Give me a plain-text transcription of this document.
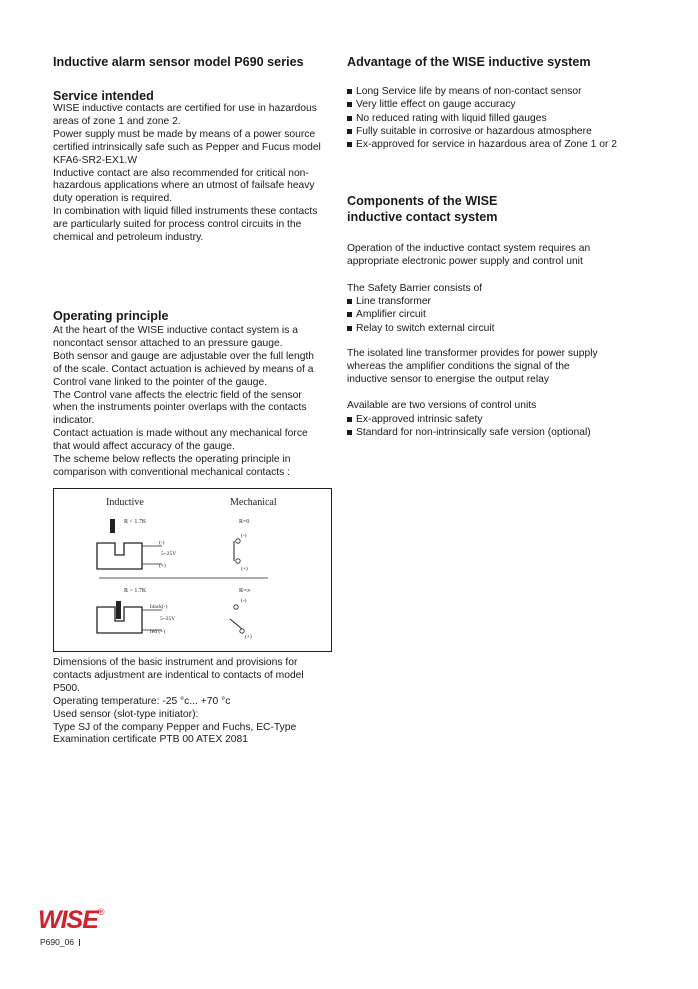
Inductive alarm sensor model P690 series
Service intended
WISE inductive contacts are certified for use in hazardous
areas of zone 1 and zone 2.
Power supply must be made by means of a power source
certified intrinsically safe such as Pepper and Fucus model
KFA6-SR2-EX1.W
Inductive contact are also recommended for critical non-
hazardous applications where an utmost of failsafe heavy
duty operation is required.
In combination with liquid filled instruments these contacts
are particularly suited for process control circuits in the
chemical and petroleum industry.
Operating principle
At the heart of the WISE inductive contact system is a
noncontact sensor attached to an pressure gauge.
Both sensor and gauge are adjustable over the full length
of the scale. Contact actuation is achieved by means of a
Control vane linked to the pointer of the gauge.
The Control vane affects the electric field of the sensor
when the instruments pointer overlaps with the contacts
indicator.
Contact actuation is made without any mechanical force
that would affect accuracy of the gauge.
The scheme below reflects the operating principle in
comparison with conventional mechanical contacts :
Dimensions of the basic instrument and provisions for
contacts adjustment are indentical to contacts of model
P500.
Operating temperature: -25 °c... +70 °c
Used sensor (slot-type initiator):
Type SJ of the company Pepper and Fuchs, EC-Type
Examination certificate PTB 00 ATEX 2081
Inductive	Mechanical
R < 1.7K
(-)
5~25V
(+)
R=0
(-)
(+)
R > 1.7K
black(-)
5~25V
red (+)
R=∞
(-)
(+)
Advantage of the WISE inductive system
Long Service life by means of non-contact sensor
Very little effect on gauge accuracy
No reduced rating with liquid filled gauges
Fully suitable in corrosive or hazardous atmosphere
Ex-approved for service in hazardous area of Zone 1 or 2
Components of the WISE
inductive contact system
Operation of the inductive contact system requires an
appropriate electronic power supply and control unit
The Safety Barrier consists of
Line transformer
Amplifier circuit
Relay to switch external circuit
The isolated line transformer provides for power supply
whereas the amplifier conditions the signal of the
inductive sensor to energise the output relay
Available are two versions of control units
Ex-approved intrinsic safety
Standard for non-intrinsically safe version (optional)
WISE®
P690_06
